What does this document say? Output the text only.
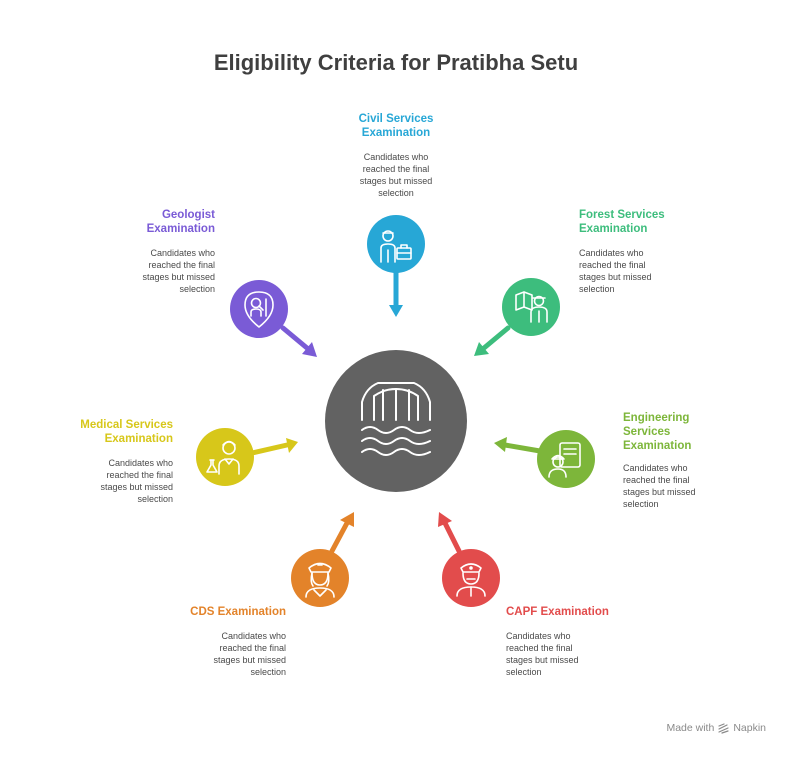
Eligibility Criteria for Pratibha Setu
Civil Services
Examination
Candidates who
reached the final
stages but missed
selection
Forest Services
Examination
Candidates who
reached the final
stages but missed
selection
Engineering
Services
Examination
Candidates who
reached the final
stages but missed
selection
CAPF Examination
Candidates who
reached the final
stages but missed
selection
CDS Examination
Candidates who
reached the final
stages but missed
selection
Medical Services
Examination
Candidates who
reached the final
stages but missed
selection
Geologist
Examination
Candidates who
reached the final
stages but missed
selection
Made with Napkin
